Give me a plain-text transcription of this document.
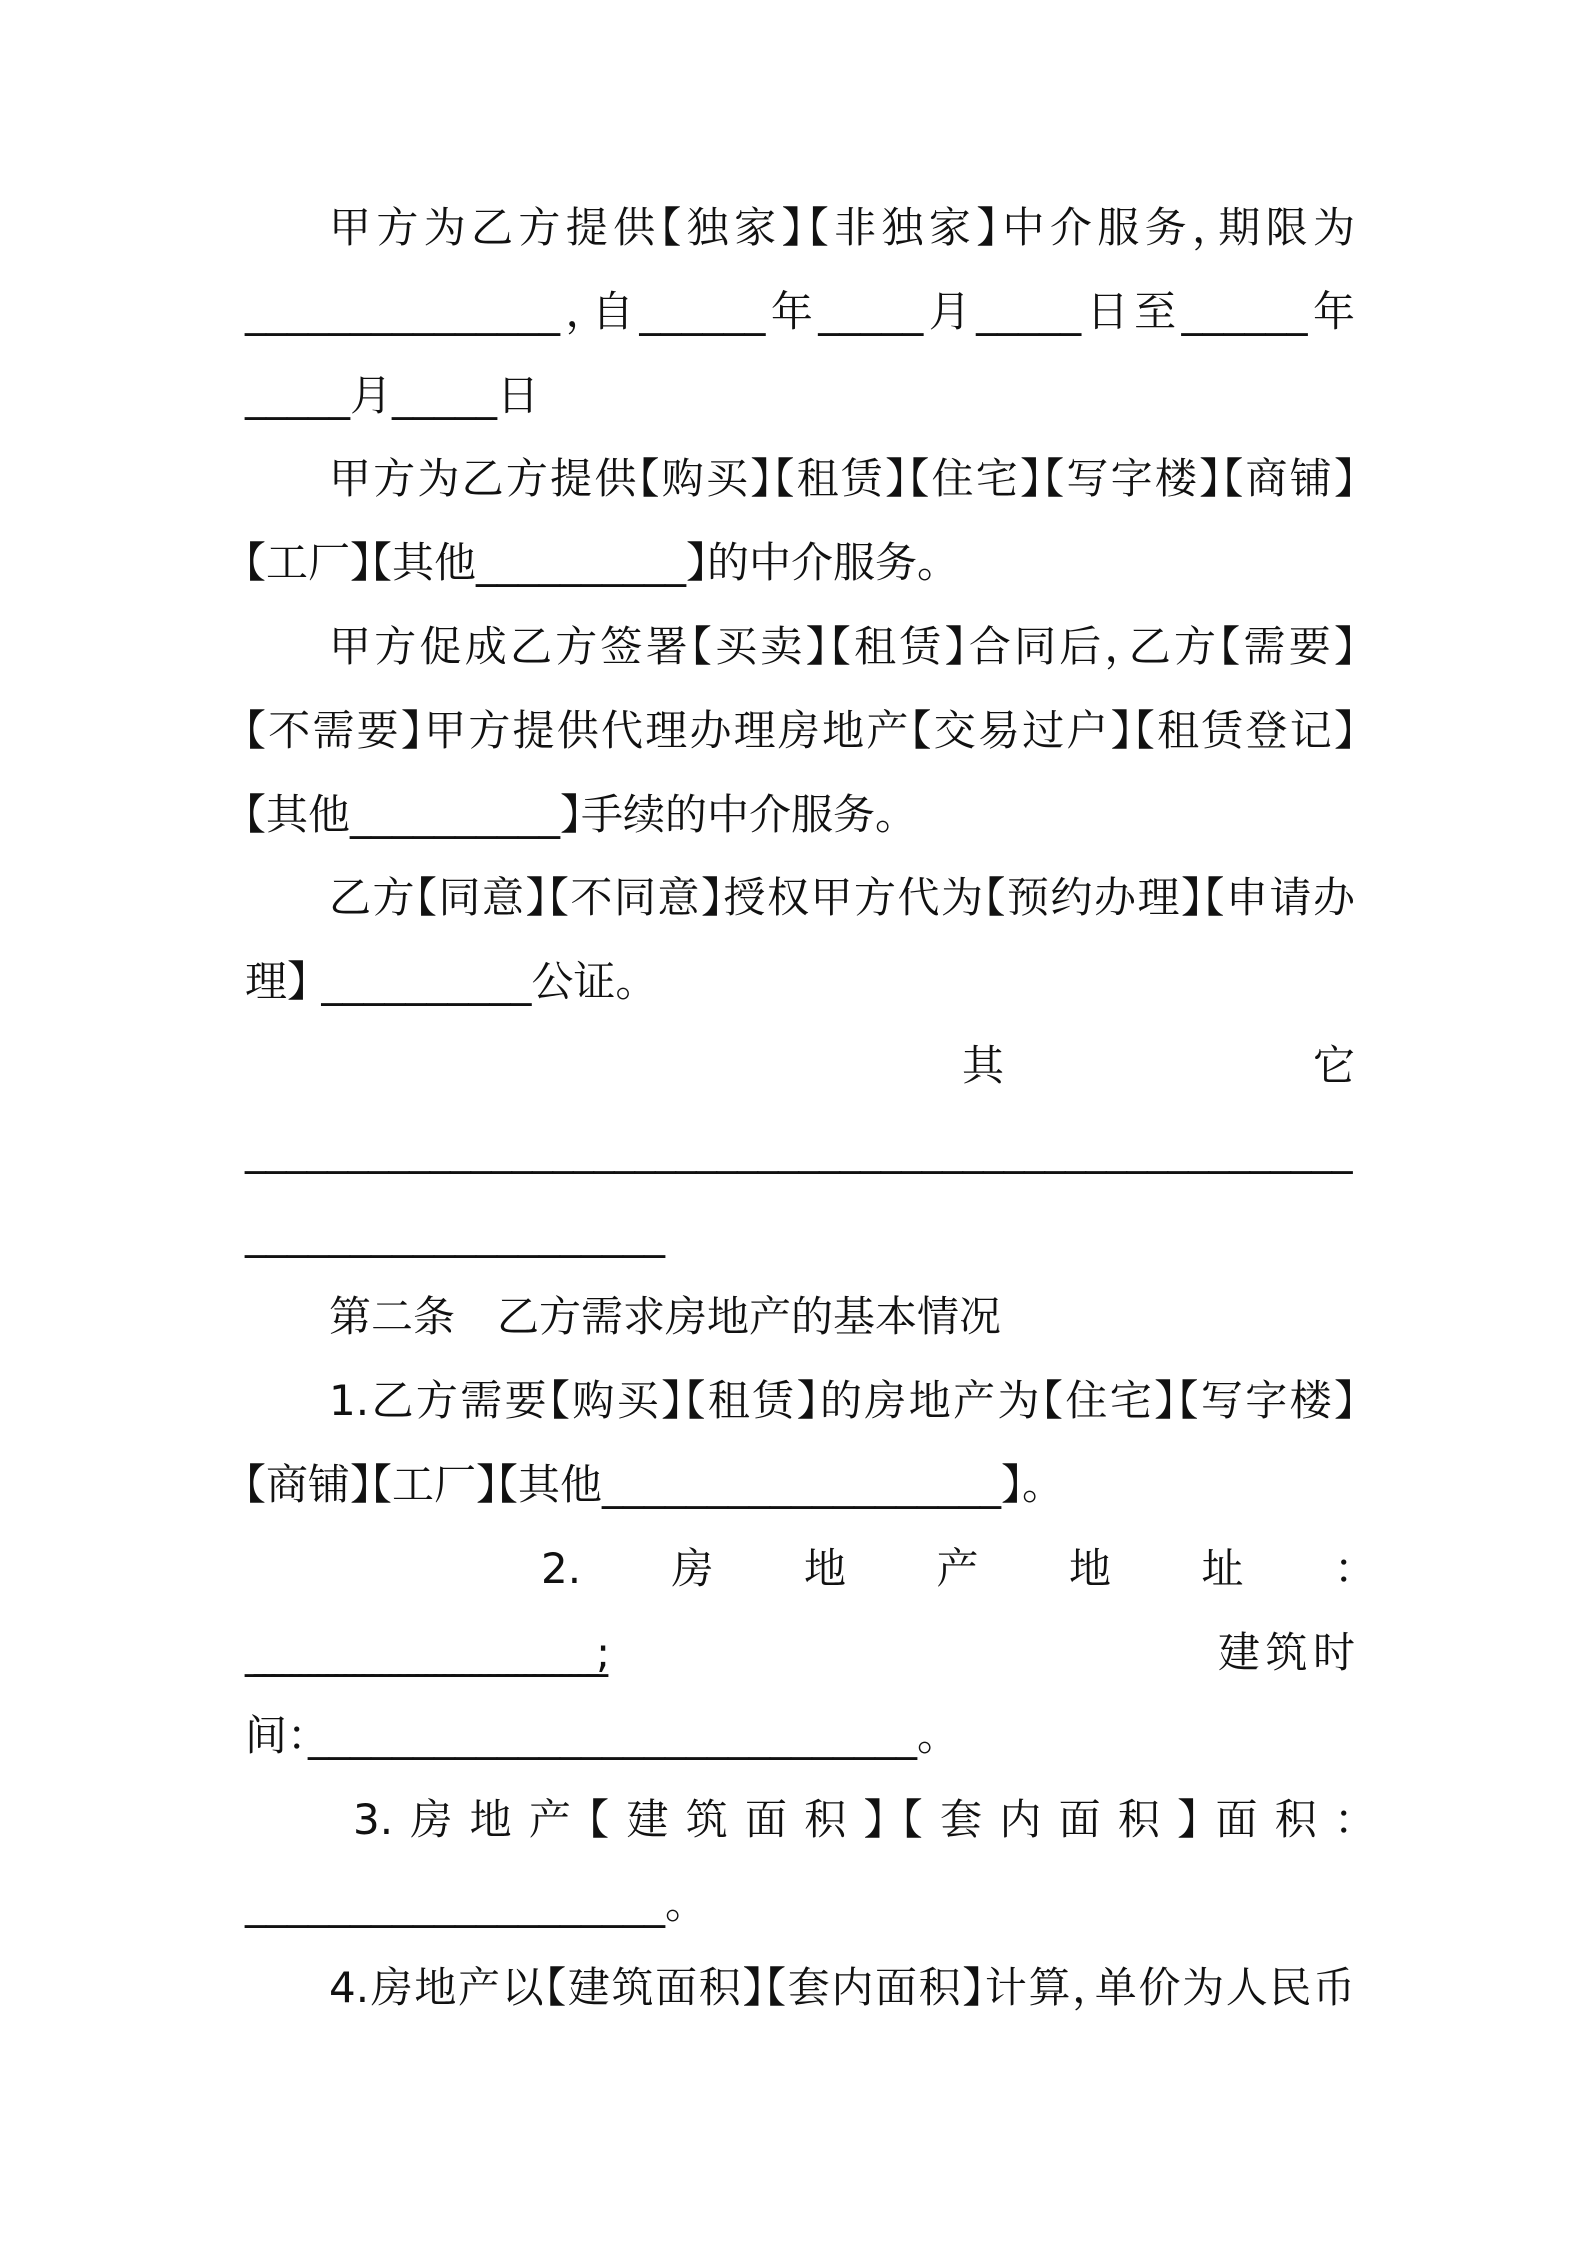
甲方为乙方提供【独家】【非独家】中介服务，期限为
_______________，自______年_____月_____日至______年
_____月_____日
甲方为乙方提供【购买】【租赁】【住宅】【写字楼】【商铺】
【工厂】【其他__________】的中介服务。
甲方促成乙方签署【买卖】【租赁】合同后，乙方【需要】
【不需要】甲方提供代理办理房地产【交易过户】【租赁登记】
【其他__________】手续的中介服务。
乙方【同意】【不同意】授权甲方代为【预约办理】【申请办
理】 __________公证。
其它
______________________________________________________
____________________
第二条　乙方需求房地产的基本情况
1.乙方需要【购买】【租赁】的房地产为【住宅】【写字楼】
【商铺】【工厂】【其他___________________】。
2.房地产地址：
_______________________________________;	建筑时
间：_____________________________。
3.房地产【建筑面积】【套内面积】面积：
____________________。
4.房地产以【建筑面积】【套内面积】计算，单价为人民币
